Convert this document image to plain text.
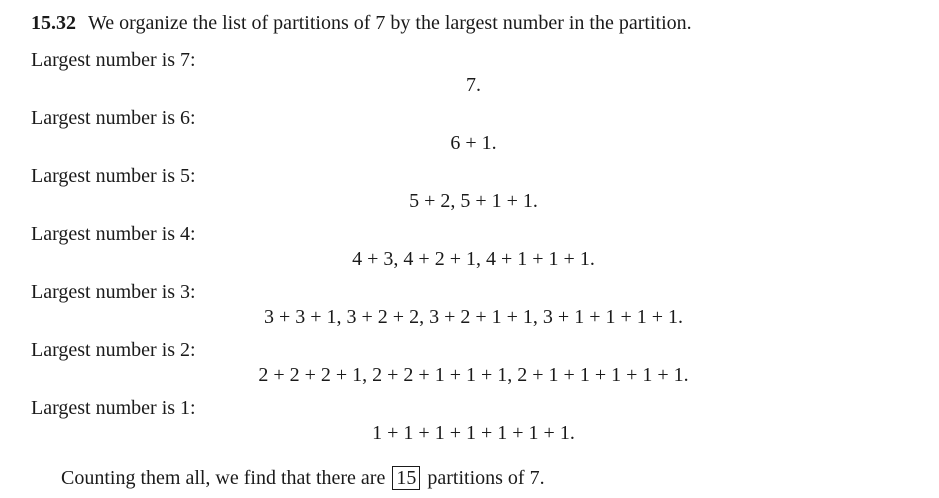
15.32 We organize the list of partitions of 7 by the largest number in the partition.
Largest number is 7:
7.
Largest number is 6:
6 + 1.
Largest number is 5:
5 + 2, 5 + 1 + 1.
Largest number is 4:
4 + 3, 4 + 2 + 1, 4 + 1 + 1 + 1.
Largest number is 3:
3 + 3 + 1, 3 + 2 + 2, 3 + 2 + 1 + 1, 3 + 1 + 1 + 1 + 1.
Largest number is 2:
2 + 2 + 2 + 1, 2 + 2 + 1 + 1 + 1, 2 + 1 + 1 + 1 + 1 + 1.
Largest number is 1:
1 + 1 + 1 + 1 + 1 + 1 + 1.
Counting them all, we find that there are 15 partitions of 7.
